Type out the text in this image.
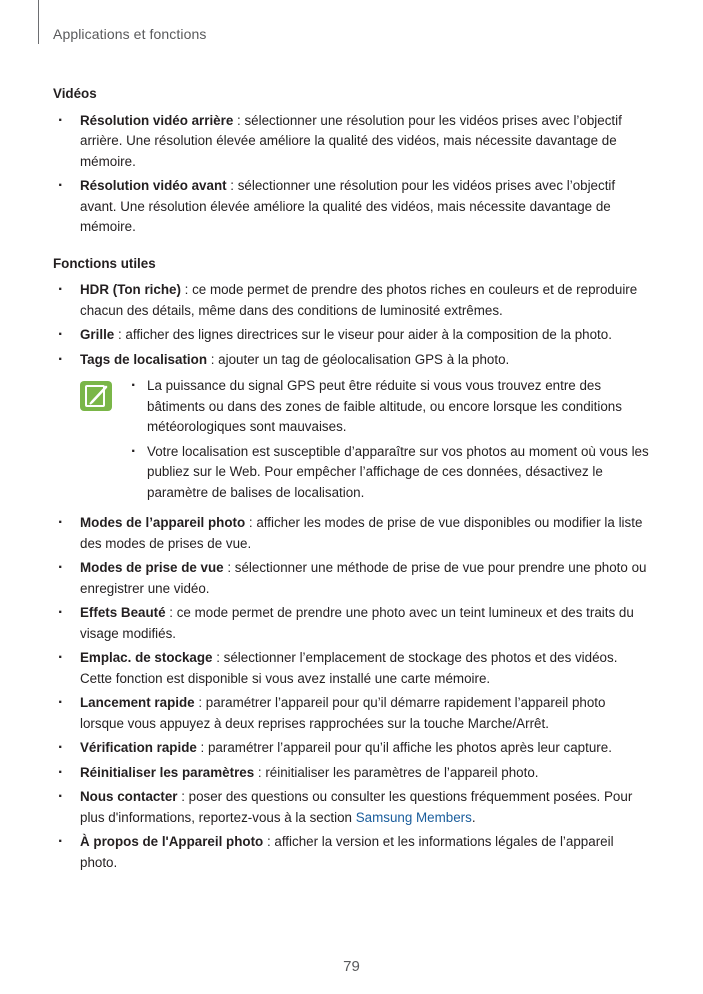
Applications et fonctions
Vidéos
· Résolution vidéo arrière : sélectionner une résolution pour les vidéos prises avec l’objectif arrière. Une résolution élevée améliore la qualité des vidéos, mais nécessite davantage de mémoire.
· Résolution vidéo avant : sélectionner une résolution pour les vidéos prises avec l’objectif avant. Une résolution élevée améliore la qualité des vidéos, mais nécessite davantage de mémoire.
Fonctions utiles
· HDR (Ton riche) : ce mode permet de prendre des photos riches en couleurs et de reproduire chacun des détails, même dans des conditions de luminosité extrêmes.
· Grille : afficher des lignes directrices sur le viseur pour aider à la composition de la photo.
· Tags de localisation : ajouter un tag de géolocalisation GPS à la photo.
· La puissance du signal GPS peut être réduite si vous vous trouvez entre des bâtiments ou dans des zones de faible altitude, ou encore lorsque les conditions météorologiques sont mauvaises.
· Votre localisation est susceptible d’apparaître sur vos photos au moment où vous les publiez sur le Web. Pour empêcher l’affichage de ces données, désactivez le paramètre de balises de localisation.
· Modes de l’appareil photo : afficher les modes de prise de vue disponibles ou modifier la liste des modes de prises de vue.
· Modes de prise de vue : sélectionner une méthode de prise de vue pour prendre une photo ou enregistrer une vidéo.
· Effets Beauté : ce mode permet de prendre une photo avec un teint lumineux et des traits du visage modifiés.
· Emplac. de stockage : sélectionner l’emplacement de stockage des photos et des vidéos. Cette fonction est disponible si vous avez installé une carte mémoire.
· Lancement rapide : paramétrer l’appareil pour qu’il démarre rapidement l’appareil photo lorsque vous appuyez à deux reprises rapprochées sur la touche Marche/Arrêt.
· Vérification rapide : paramétrer l’appareil pour qu’il affiche les photos après leur capture.
· Réinitialiser les paramètres : réinitialiser les paramètres de l’appareil photo.
· Nous contacter : poser des questions ou consulter les questions fréquemment posées. Pour plus d'informations, reportez-vous à la section Samsung Members.
· À propos de l'Appareil photo : afficher la version et les informations légales de l’appareil photo.
79
